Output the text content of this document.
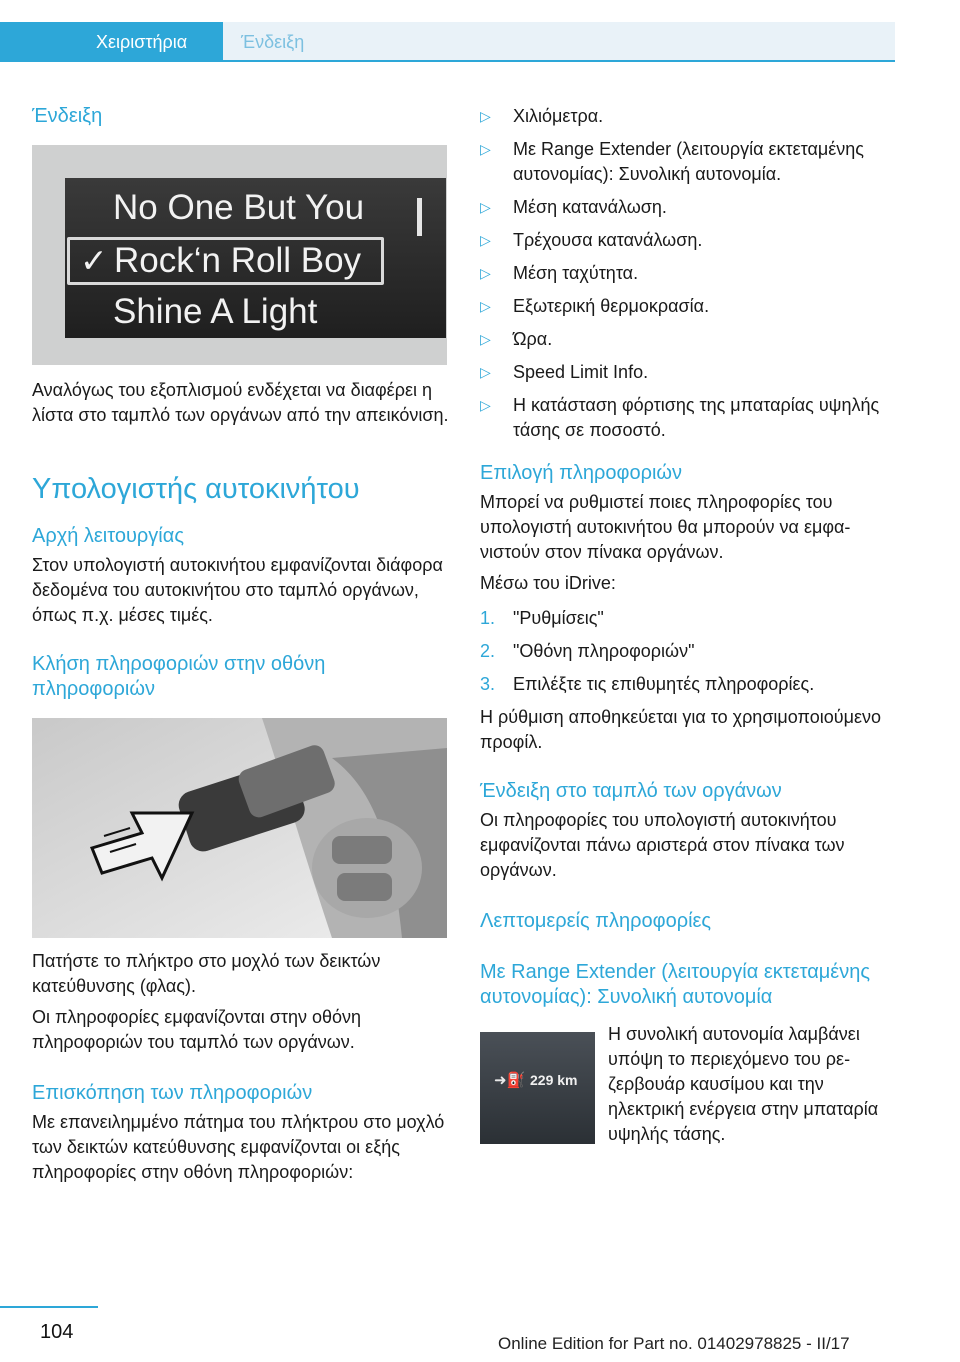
Χειριστήρια	Ένδειξη
Ένδειξη
No One But You
✓ Rock‘n Roll Boy
Shine A Light

Αναλόγως του εξοπλισμού ενδέχεται να διαφέρει η λίστα στο ταμπλό των οργάνων από την απεικόνιση.

Υπολογιστής αυτοκινήτου
Αρχή λειτουργίας

Στον υπολογιστή αυτοκινήτου εμφανίζονται διάφορα δεδομένα του αυτοκινήτου στο ταμπλό οργάνων, όπως π.χ. μέσες τιμές.

Κλήση πληροφοριών στην οθόνη πληροφοριών

Πατήστε το πλήκτρο στο μοχλό των δεικτών κατεύθυνσης (φλας).

Οι πληροφορίες εμφανίζονται στην οθόνη πληροφοριών του ταμπλό των οργάνων.

Επισκόπηση των πληροφοριών

Με επανειλημμένο πάτημα του πλήκτρου στο μοχλό των δεικτών κατεύθυνσης εμφανίζονται οι εξής πληροφορίες στην οθόνη πληροφοριών:

▷ Χιλιόμετρα.
▷ Με Range Extender (λειτουργία εκτεταμένης αυτονομίας): Συνολική αυτονομία.
▷ Μέση κατανάλωση.
▷ Τρέχουσα κατανάλωση.
▷ Μέση ταχύτητα.
▷ Εξωτερική θερμοκρασία.
▷ Ώρα.
▷ Speed Limit Info.
▷ Η κατάσταση φόρτισης της μπαταρίας υψηλής τάσης σε ποσοστό.
Επιλογή πληροφοριών

Μπορεί να ρυθμιστεί ποιες πληροφορίες του υπολογιστή αυτοκινήτου θα μπορούν να εμφανιστούν στον πίνακα οργάνων.

Μέσω του iDrive:

1. "Ρυθμίσεις"
2. "Οθόνη πληροφοριών"
3. Επιλέξτε τις επιθυμητές πληροφορίες.

Η ρύθμιση αποθηκεύεται για το χρησιμοποιούμενο προφίλ.

Ένδειξη στο ταμπλό των οργάνων

Οι πληροφορίες του υπολογιστή αυτοκινήτου εμφανίζονται πάνω αριστερά στον πίνακα των οργάνων.

Λεπτομερείς πληροφορίες
Με Range Extender (λειτουργία εκτεταμένης αυτονομίας): Συνολική αυτονομία
➜⛽ 229 km

Η συνολική αυτονομία λαμβάνει υπόψη το περιεχόμενο του ρεζερβουάρ καυσίμου και την ηλεκτρική ενέργεια στην μπαταρία υψηλής τάσης.

104
Online Edition for Part no. 01402978825 - II/17
